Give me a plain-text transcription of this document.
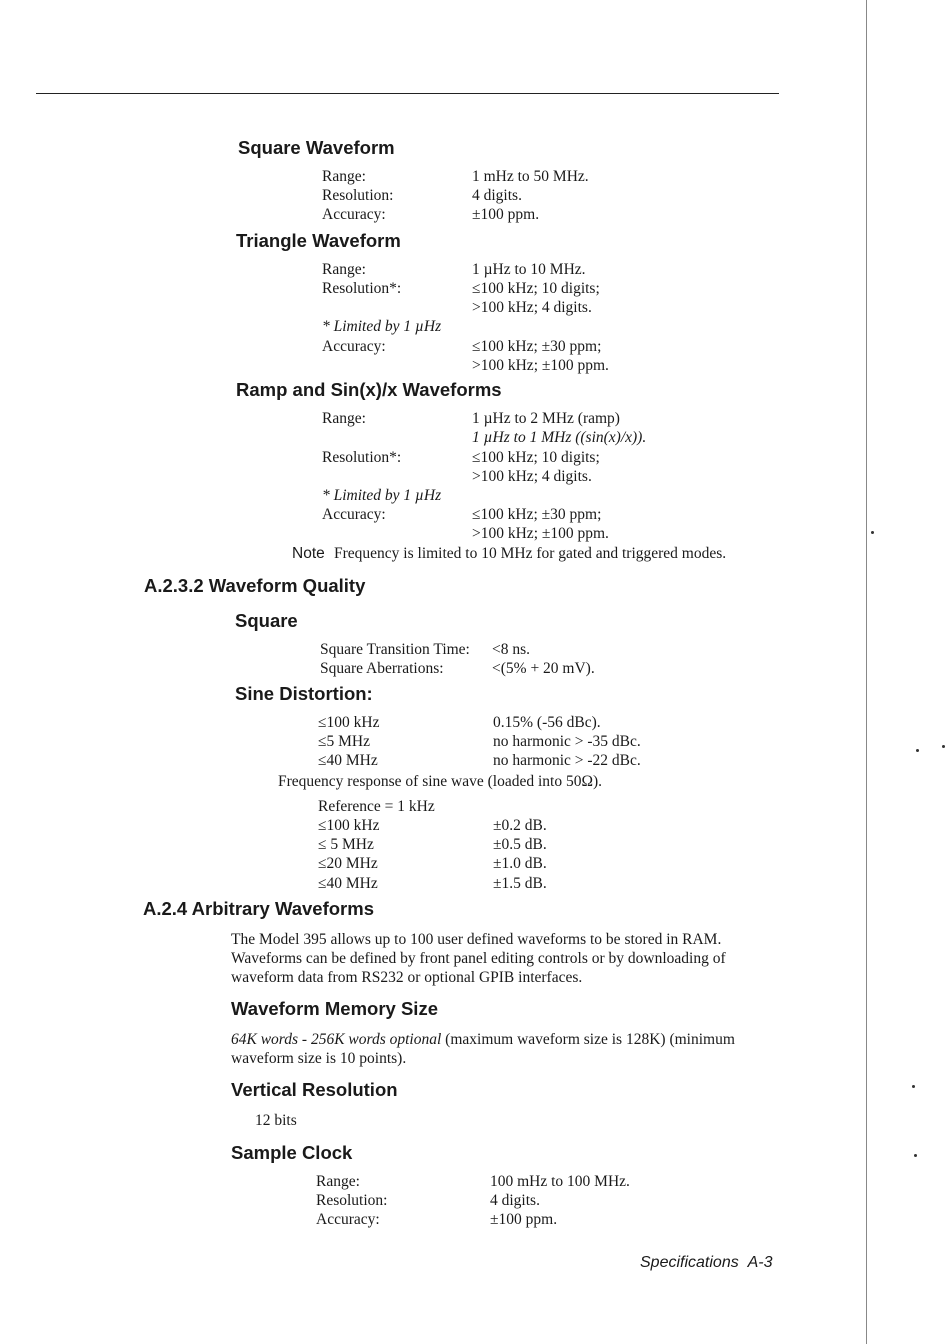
Square Waveform
Range:	1 mHz to 50 MHz.
Resolution:	4 digits.
Accuracy:	±100 ppm.
Triangle Waveform
Range:	1 µHz to 10 MHz.
Resolution*:	≤100 kHz; 10 digits;
>100 kHz; 4 digits.
* Limited by 1 µHz
Accuracy:	≤100 kHz; ±30 ppm;
>100 kHz; ±100 ppm.
Ramp and Sin(x)/x Waveforms
Range:	1 µHz to 2 MHz (ramp)
1 µHz to 1 MHz ((sin(x)/x)).
Resolution*:	≤100 kHz; 10 digits;
>100 kHz; 4 digits.
* Limited by 1 µHz
Accuracy:	≤100 kHz; ±30 ppm;
>100 kHz; ±100 ppm.
Note Frequency is limited to 10 MHz for gated and triggered modes.
A.2.3.2 Waveform Quality
Square
Square Transition Time: <8 ns.
Square Aberrations:	<(5% + 20 mV).
Sine Distortion:
≤100 kHz	0.15% (-56 dBc).
≤5 MHz	no harmonic > -35 dBc.
≤40 MHz	no harmonic > -22 dBc.
Frequency response of sine wave (loaded into 50Ω).
Reference = 1 kHz
≤100 kHz	±0.2 dB.
≤ 5 MHz	±0.5 dB.
≤20 MHz	±1.0 dB.
≤40 MHz	±1.5 dB.
A.2.4 Arbitrary Waveforms
The Model 395 allows up to 100 user defined waveforms to be stored in RAM. Waveforms can be defined by front panel editing controls or by downloading of waveform data from RS232 or optional GPIB interfaces.
Waveform Memory Size
64K words - 256K words optional (maximum waveform size is 128K) (minimum waveform size is 10 points).
Vertical Resolution
12 bits
Sample Clock
Range:	100 mHz to 100 MHz.
Resolution:	4 digits.
Accuracy:	±100 ppm.
Specifications A-3
